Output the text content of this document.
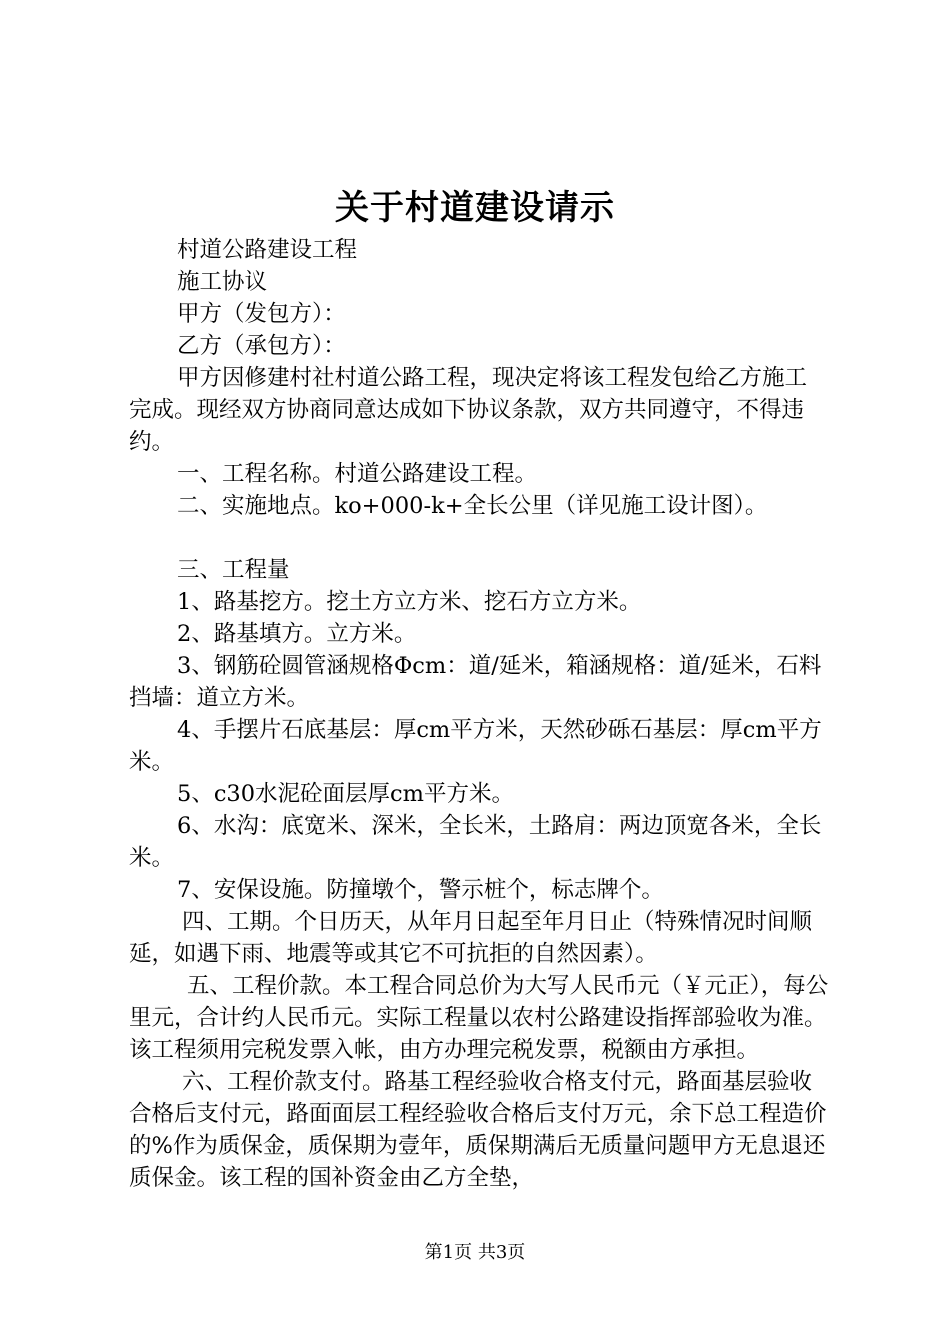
关于村道建设请示

村道公路建设工程

施工协议

甲方（发包方）：

乙方（承包方）：

甲方因修建村社村道公路工程，现决定将该工程发包给乙方施工完成。现经双方协商同意达成如下协议条款，双方共同遵守，不得违约。

一、工程名称。村道公路建设工程。

二、实施地点。ko+000-k+全长公里（详见施工设计图）。

三、工程量

1、路基挖方。挖土方立方米、挖石方立方米。

2、路基填方。立方米。

3、钢筋砼圆管涵规格Φcm：道/延米，箱涵规格：道/延米，石料挡墙：道立方米。

4、手摆片石底基层：厚cm平方米，天然砂砾石基层：厚cm平方米。

5、c30水泥砼面层厚cm平方米。

6、水沟：底宽米、深米，全长米，土路肩：两边顶宽各米，全长米。

7、安保设施。防撞墩个，警示桩个，标志牌个。

四、工期。个日历天，从年月日起至年月日止（特殊情况时间顺延，如遇下雨、地震等或其它不可抗拒的自然因素）。

五、工程价款。本工程合同总价为大写人民币元（￥元正），每公里元，合计约人民币元。实际工程量以农村公路建设指挥部验收为准。该工程须用完税发票入帐，由方办理完税发票，税额由方承担。

六、工程价款支付。路基工程经验收合格支付元，路面基层验收合格后支付元，路面面层工程经验收合格后支付万元，余下总工程造价的%作为质保金，质保期为壹年，质保期满后无质量问题甲方无息退还质保金。该工程的国补资金由乙方全垫，

第1页 共3页
